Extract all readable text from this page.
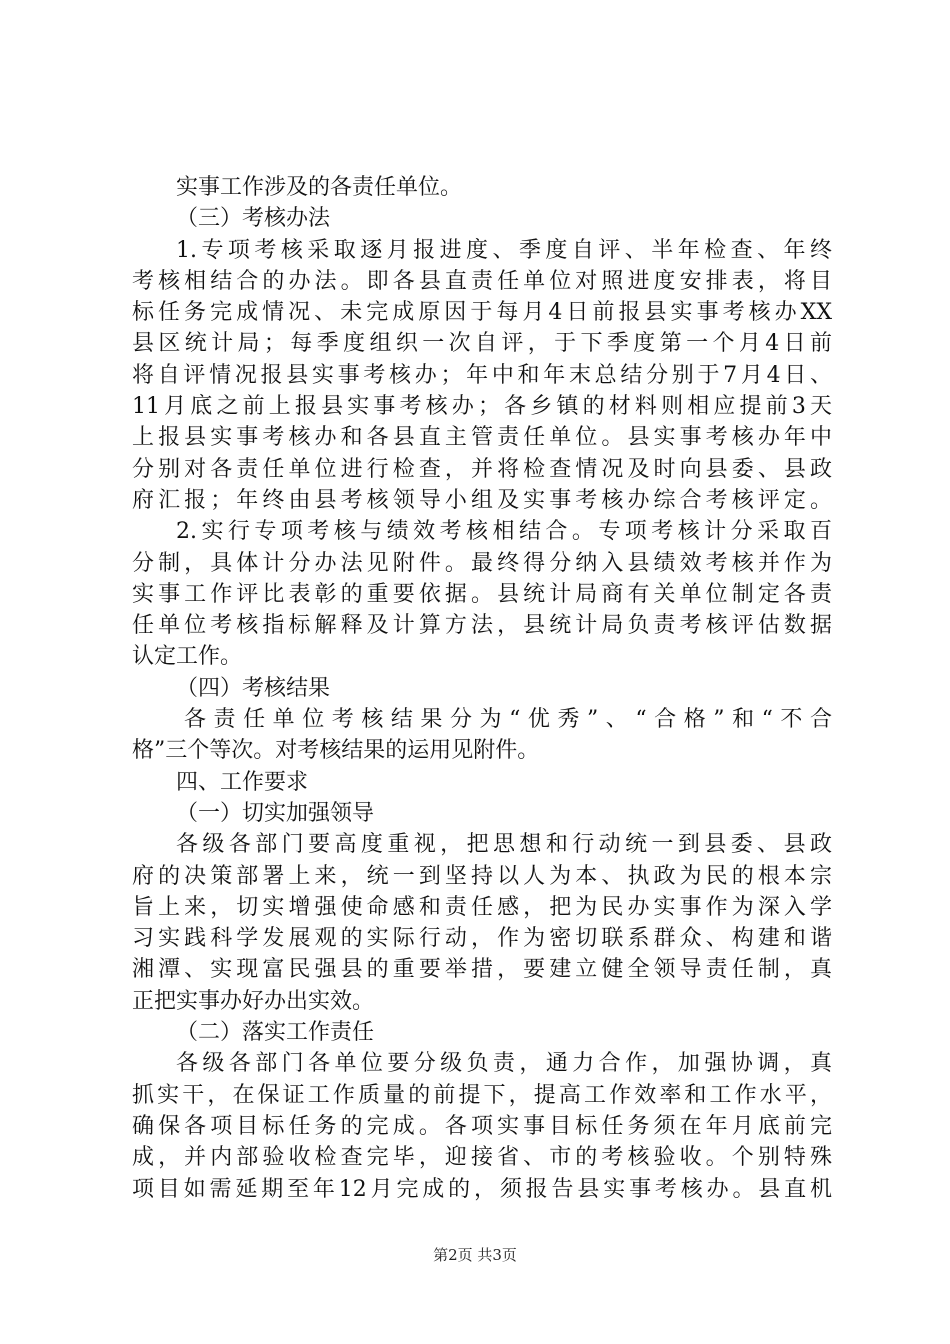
实事工作涉及的各责任单位。
（三）考核办法
1.专项考核采取逐月报进度、季度自评、半年检查、年终
考核相结合的办法。即各县直责任单位对照进度安排表，将目
标任务完成情况、未完成原因于每月4日前报县实事考核办XX
县区统计局；每季度组织一次自评，于下季度第一个月4日前
将自评情况报县实事考核办；年中和年末总结分别于7月4日、
11月底之前上报县实事考核办；各乡镇的材料则相应提前3天
上报县实事考核办和各县直主管责任单位。县实事考核办年中
分别对各责任单位进行检查，并将检查情况及时向县委、县政
府汇报；年终由县考核领导小组及实事考核办综合考核评定。
2.实行专项考核与绩效考核相结合。专项考核计分采取百
分制，具体计分办法见附件。最终得分纳入县绩效考核并作为
实事工作评比表彰的重要依据。县统计局商有关单位制定各责
任单位考核指标解释及计算方法，县统计局负责考核评估数据
认定工作。
（四）考核结果
各责任单位考核结果分为“优秀”、“合格”和“不合
格”三个等次。对考核结果的运用见附件。
四、工作要求
（一）切实加强领导
各级各部门要高度重视，把思想和行动统一到县委、县政
府的决策部署上来，统一到坚持以人为本、执政为民的根本宗
旨上来，切实增强使命感和责任感，把为民办实事作为深入学
习实践科学发展观的实际行动，作为密切联系群众、构建和谐
湘潭、实现富民强县的重要举措，要建立健全领导责任制，真
正把实事办好办出实效。
（二）落实工作责任
各级各部门各单位要分级负责，通力合作，加强协调，真
抓实干，在保证工作质量的前提下，提高工作效率和工作水平，
确保各项目标任务的完成。各项实事目标任务须在年月底前完
成，并内部验收检查完毕，迎接省、市的考核验收。个别特殊
项目如需延期至年12月完成的，须报告县实事考核办。县直机
第2页 共3页
